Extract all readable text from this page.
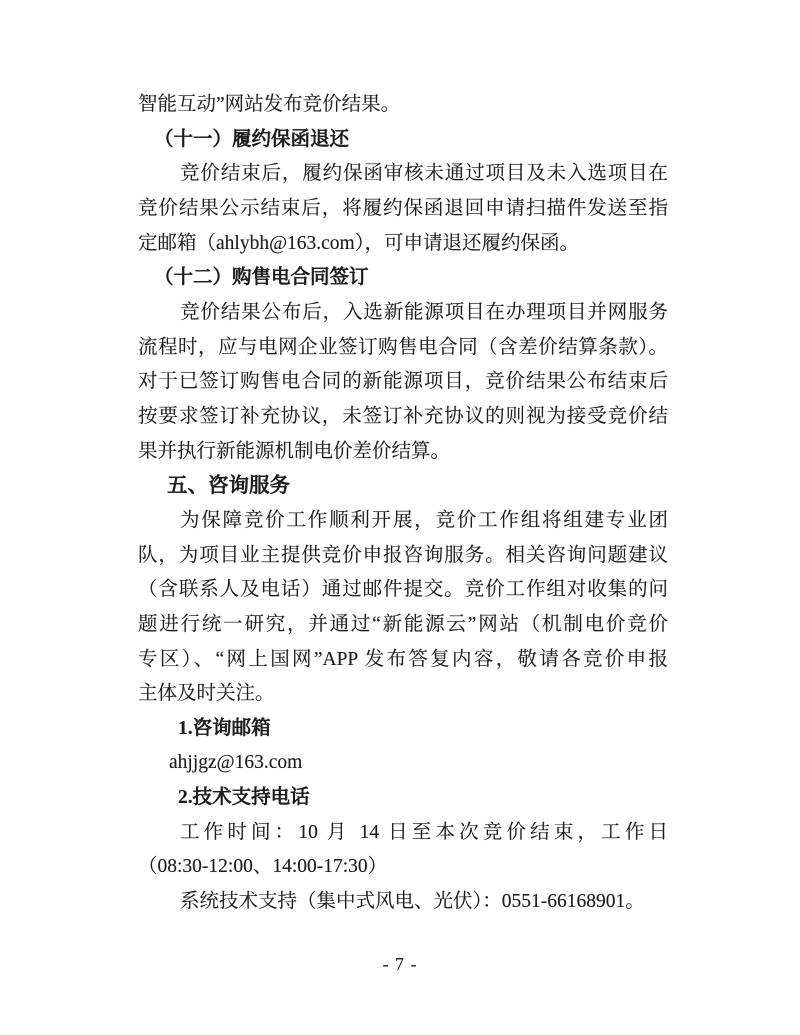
智能互动”网站发布竞价结果。
（十一）履约保函退还
竞价结束后，履约保函审核未通过项目及未入选项目在
竞价结果公示结束后，将履约保函退回申请扫描件发送至指
定邮箱（ahlybh@163.com），可申请退还履约保函。
（十二）购售电合同签订
竞价结果公布后，入选新能源项目在办理项目并网服务
流程时，应与电网企业签订购售电合同（含差价结算条款）。
对于已签订购售电合同的新能源项目，竞价结果公布结束后
按要求签订补充协议，未签订补充协议的则视为接受竞价结
果并执行新能源机制电价差价结算。
五、咨询服务
为保障竞价工作顺利开展，竞价工作组将组建专业团
队，为项目业主提供竞价申报咨询服务。相关咨询问题建议
（含联系人及电话）通过邮件提交。竞价工作组对收集的问
题进行统一研究，并通过“新能源云”网站（机制电价竞价
专区）、“网上国网”APP 发布答复内容，敬请各竞价申报
主体及时关注。
1.咨询邮箱
ahjjgz@163.com
2.技术支持电话
工作时间：10 月 14 日至本次竞价结束，工作日
（08:30-12:00、14:00-17:30）
系统技术支持（集中式风电、光伏）：0551-66168901。
- 7 -
